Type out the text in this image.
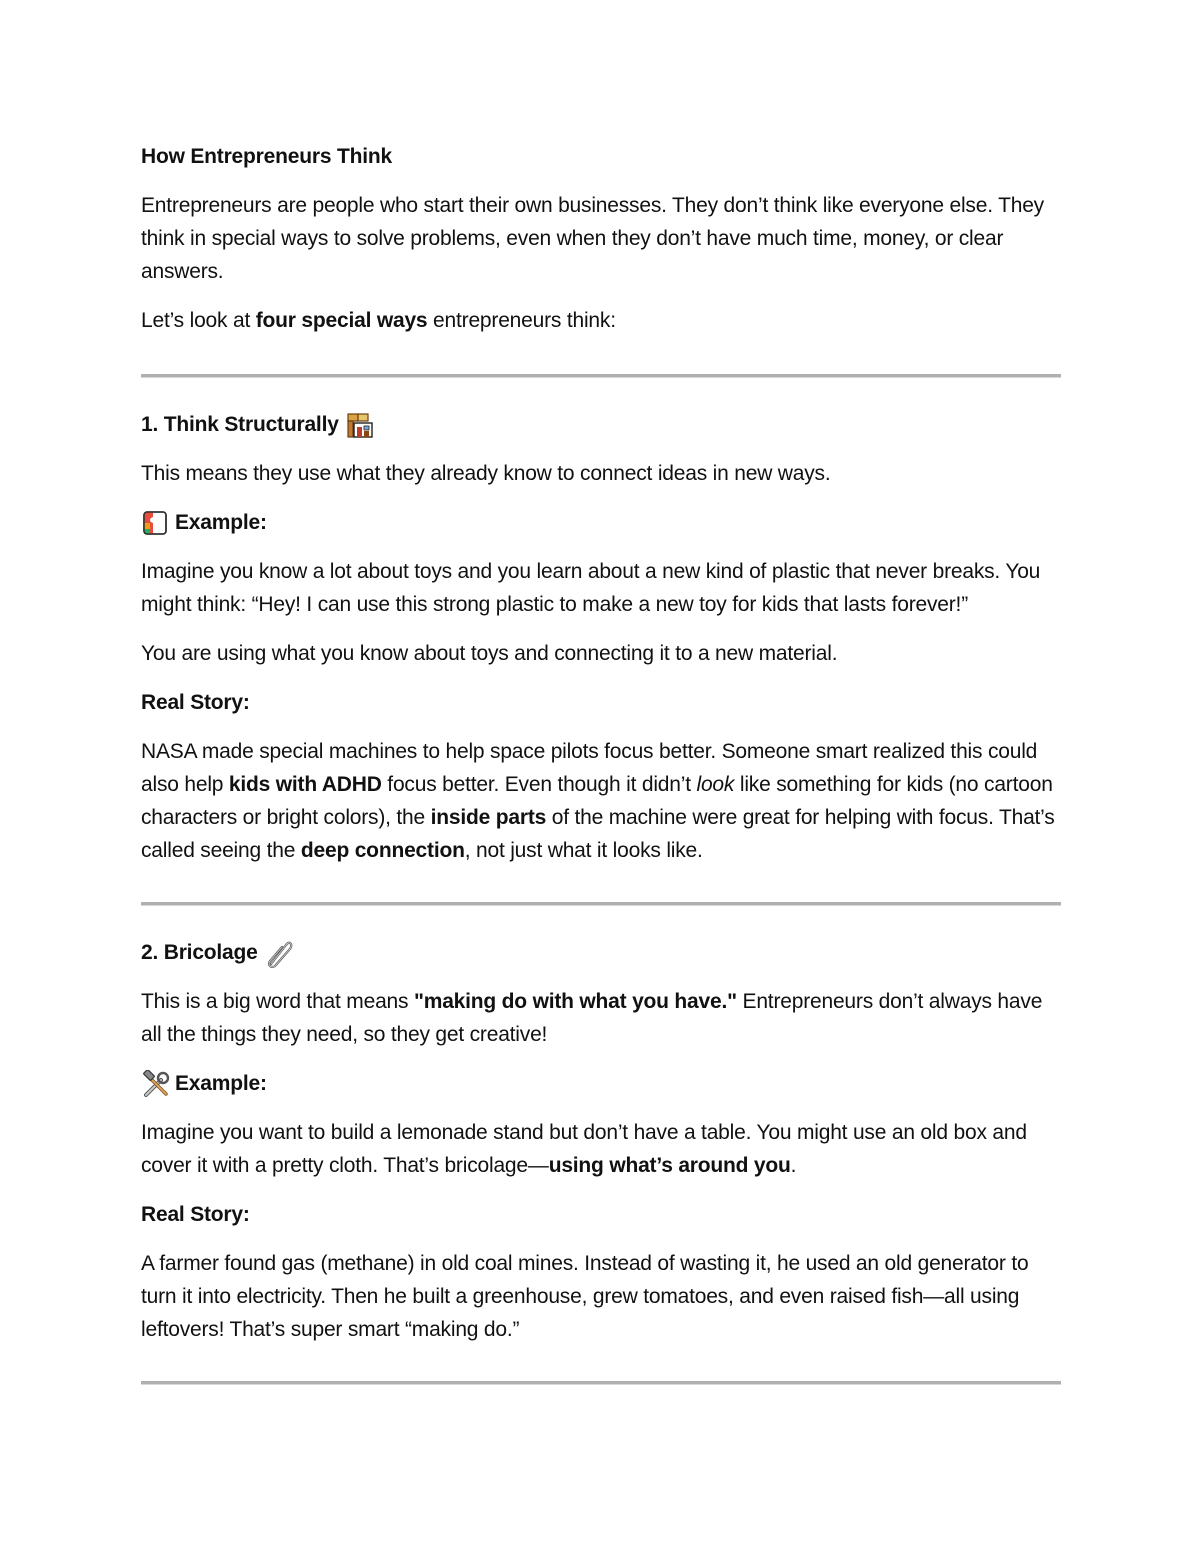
How Entrepreneurs Think

Entrepreneurs are people who start their own businesses. They don’t think like everyone else. They think in special ways to solve problems, even when they don’t have much time, money, or clear answers.

Let’s look at four special ways entrepreneurs think:

1. Think Structurally

This means they use what they already know to connect ideas in new ways.

Example:

Imagine you know a lot about toys and you learn about a new kind of plastic that never breaks. You might think: “Hey! I can use this strong plastic to make a new toy for kids that lasts forever!”

You are using what you know about toys and connecting it to a new material.

Real Story:

NASA made special machines to help space pilots focus better. Someone smart realized this could also help kids with ADHD focus better. Even though it didn’t look like something for kids (no cartoon characters or bright colors), the inside parts of the machine were great for helping with focus. That’s called seeing the deep connection, not just what it looks like.

2. Bricolage

This is a big word that means "making do with what you have." Entrepreneurs don’t always have all the things they need, so they get creative!

Example:

Imagine you want to build a lemonade stand but don’t have a table. You might use an old box and cover it with a pretty cloth. That’s bricolage—using what’s around you.

Real Story:

A farmer found gas (methane) in old coal mines. Instead of wasting it, he used an old generator to turn it into electricity. Then he built a greenhouse, grew tomatoes, and even raised fish—all using leftovers! That’s super smart “making do.”
